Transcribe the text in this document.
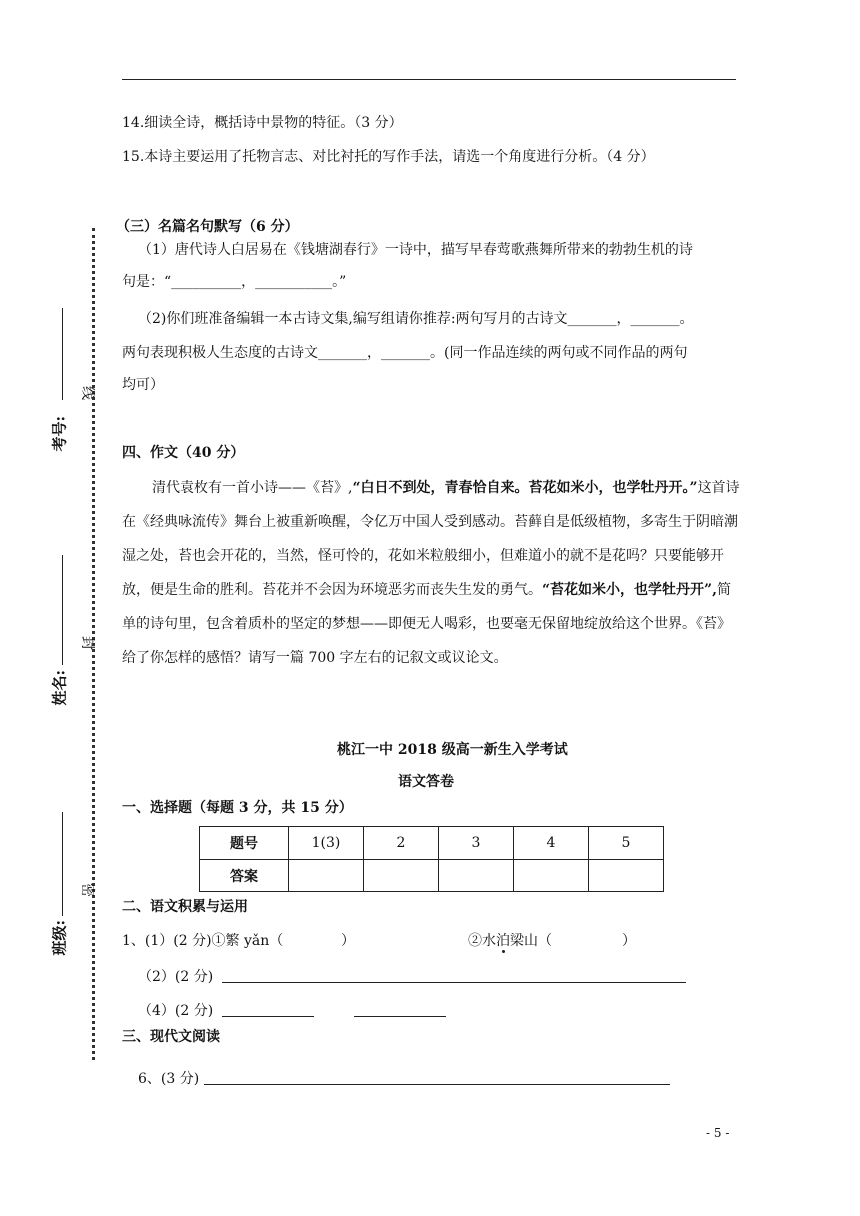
14.细读全诗，概括诗中景物的特征。（3 分）
15.本诗主要运用了托物言志、对比衬托的写作手法，请选一个角度进行分析。（4 分）
（三）名篇名句默写（6 分）
（1）唐代诗人白居易在《钱塘湖春行》一诗中，描写早春莺歌燕舞所带来的勃勃生机的诗
句是：“__________，___________。”
（2)你们班准备编辑一本古诗文集,编写组请你推荐:两句写月的古诗文_______，_______。
两句表现积极人生态度的古诗文_______，_______。(同一作品连续的两句或不同作品的两句
均可）
四、作文（40 分）
清代袁枚有一首小诗——《苔》,“白日不到处，青春恰自来。苔花如米小，也学牡丹开。”这首诗在《经典咏流传》舞台上被重新唤醒，令亿万中国人受到感动。苔藓自是低级植物，多寄生于阴暗潮湿之处，苔也会开花的，当然，怪可怜的，花如米粒般细小，但难道小的就不是花吗？只要能够开放，便是生命的胜利。苔花并不会因为环境恶劣而丧失生发的勇气。“苔花如米小，也学牡丹开”,简单的诗句里，包含着质朴的坚定的梦想——即便无人喝彩，也要毫无保留地绽放给这个世界。《苔》给了你怎样的感悟？请写一篇 700 字左右的记叙文或议论文。
桃江一中 2018 级高一新生入学考试
语文答卷
一、选择题（每题 3 分，共 15 分）
题号	1(3)	2	3	4	5
答案					
二、语文积累与运用
1、(1）(2 分)①繁 yǎn（	）	②水泊梁山（	）
（2）(2 分)
（4）(2 分)
三、现代文阅读
6、(3 分)
- 5 -
考号:
姓名:
班级:
线
封
密
